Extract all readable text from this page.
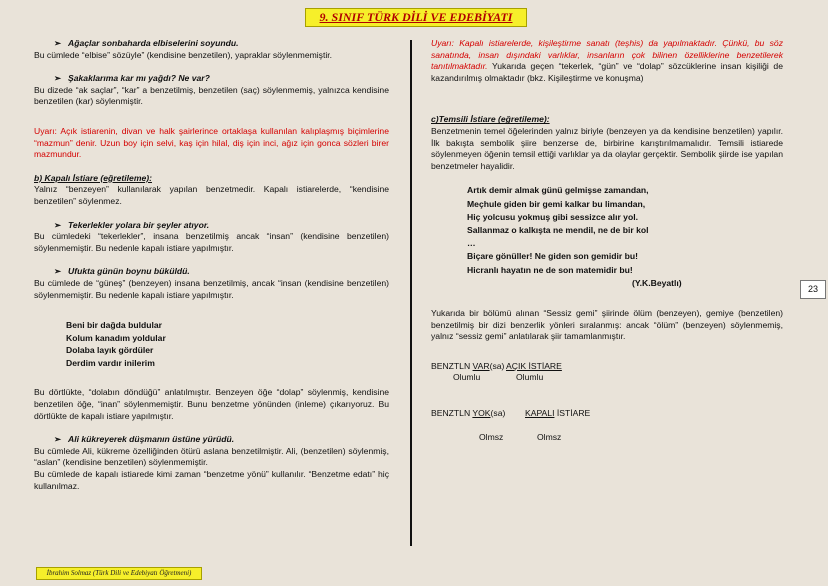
9. SINIF TÜRK DİLİ VE EDEBİYATI
➢ Ağaçlar sonbaharda elbiselerini soyundu.

Bu cümlede “elbise” sözüyle” (kendisine benzetilen), yapraklar söylenmemiştir.

➢ Şakaklarıma kar mı yağdı? Ne var?

Bu dizede “ak saçlar”, “kar” a benzetilmiş, benzetilen (saç) söylenmemiş, yalnızca kendisine benzetilen (kar) söylenmiştir.

Uyarı: Açık istiarenin, divan ve halk şairlerince ortaklaşa kullanılan kalıplaşmış biçimlerine “mazmun” denir. Uzun boy için selvi, kaş için hilal, diş için inci, ağız için gonca sözleri birer mazmundur.

b) Kapalı İstiare (eğretileme):

Yalnız “benzeyen” kullanılarak yapılan benzetmedir. Kapalı istiarelerde, “kendisine benzetilen” söylenmez.

➢ Tekerlekler yolara bir şeyler atıyor.

Bu cümledeki “tekerlekler”, insana benzetilmiş ancak “insan” (kendisine benzetilen) söylenmemiştir. Bu nedenle kapalı istiare yapılmıştır.

➢ Ufukta günün boynu büküldü.

Bu cümlede de “güneş” (benzeyen) insana benzetilmiş, ancak “insan (kendisine benzetilen) söylenmemiştir. Bu nedenle kapalı istiare yapılmıştır.

Beni bir dağda buldular
Kolum kanadım yoldular
Dolaba layık gördüler
Derdim vardır inilerim

Bu dörtlükte, “dolabın döndüğü” anlatılmıştır. Benzeyen öğe “dolap” söylenmiş, kendisine benzetilen öğe, “inan” söylenmemiştir. Bunu benzetme yönünden (inleme) çıkarıyoruz. Bu dörtlükte de kapalı istiare yapılmıştır.

➢ Ali kükreyerek düşmanın üstüne yürüdü.

Bu cümlede Ali, kükreme özelliğinden ötürü aslana benzetilmiştir. Ali, (benzetilen) söylenmiş, “aslan” (kendisine benzetilen) söylenmemiştir.

Bu cümlede de kapalı istiarede kimi zaman “benzetme yönü” kullanılır. “Benzetme edatı” hiç kullanılmaz.

Uyarı: Kapalı istiarelerde, kişileştirme sanatı (teşhis) da yapılmaktadır. Çünkü, bu söz sanatında, insan dışındaki varlıklar, insanların çok bilinen özelliklerine benzetilerek tanıtılmaktadır. Yukarıda geçen “tekerlek, “gün” ve “dolap” sözcüklerine insan kişiliği de kazandırılmış olmaktadır (bkz. Kişileştirme ve konuşma)

c)Temsili İstiare (eğretileme):

Benzetmenin temel öğelerinden yalnız biriyle (benzeyen ya da kendisine benzetilen) yapılır. İlk bakışta sembolik şiire benzerse de, birbirine karıştırılmamalıdır. Temsili istiarede söylenmeyen öğenin temsil ettiği varlıklar ya da olaylar gerçektir. Sembolik şiirde ise yapılan benzetmeler hayalidir.

Artık demir almak günü gelmişse zamandan,
Meçhule giden bir gemi kalkar bu limandan,
Hiç yolcusu yokmuş gibi sessizce alır yol.
Sallanmaz o kalkışta ne mendil, ne de bir kol
…
Biçare gönüller! Ne giden son gemidir bu!
Hicranlı hayatın ne de son matemidir bu!
(Y.K.Beyatlı)

Yukarıda bir bölümü alınan “Sessiz gemi” şiirinde ölüm (benzeyen), gemiye (benzetilen) benzetilmiş bir dizi benzerlik yönleri sıralanmış: ancak “ölüm” (benzeyen) söylenmemiş, yalnız “sessiz gemi” anlatılarak şiir tamamlanmıştır.

BENZTLN VAR(sa) AÇIK İSTİARE
Olumlu	Olumlu
BENZTLN YOK(sa)	KAPALI İSTİARE
Olmsz	Olmsz
23
İbrahim Solmaz (Türk Dili ve Edebiyatı Öğretmeni)
